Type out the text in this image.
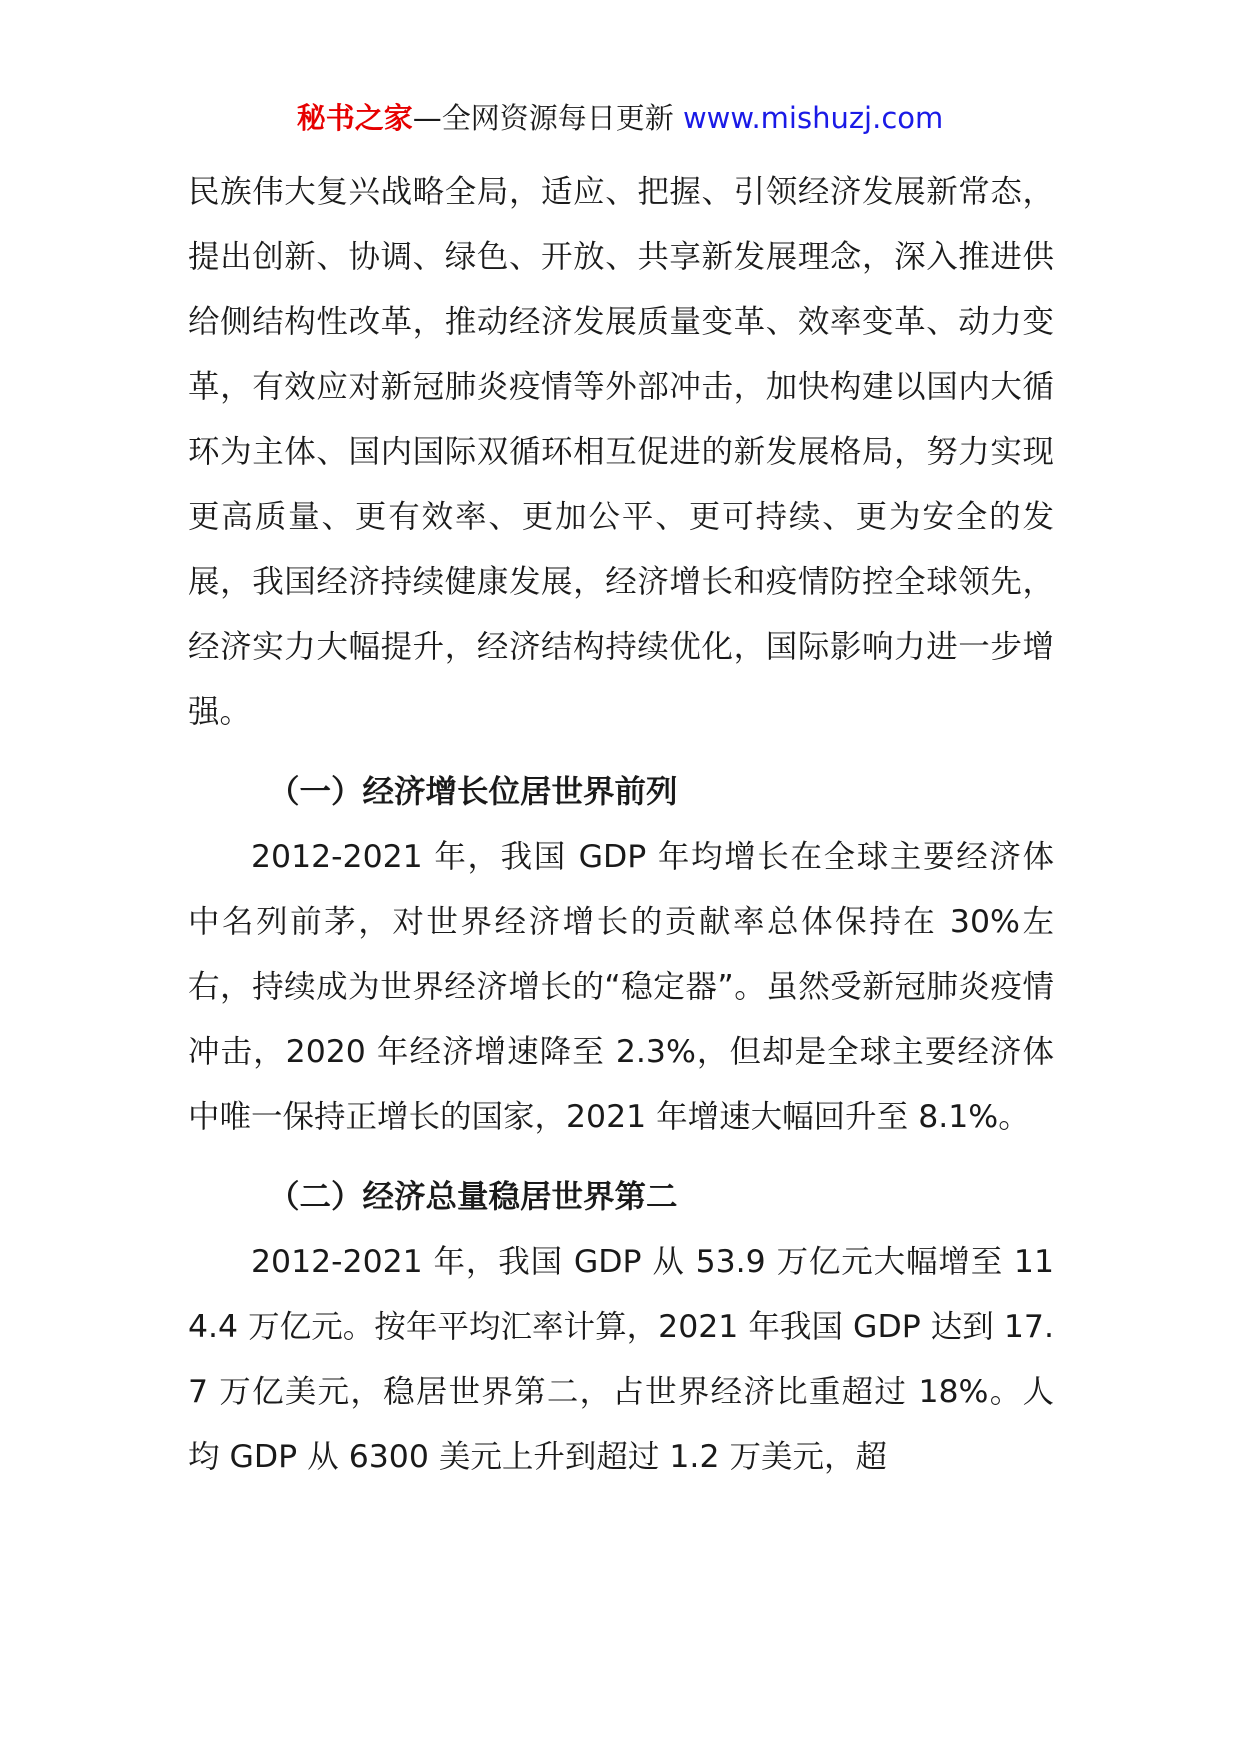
秘书之家—全网资源每日更新 www.mishuzj.com

民族伟大复兴战略全局，适应、把握、引领经济发展新常态，提出创新、协调、绿色、开放、共享新发展理念，深入推进供给侧结构性改革，推动经济发展质量变革、效率变革、动力变革，有效应对新冠肺炎疫情等外部冲击，加快构建以国内大循环为主体、国内国际双循环相互促进的新发展格局，努力实现更高质量、更有效率、更加公平、更可持续、更为安全的发展，我国经济持续健康发展，经济增长和疫情防控全球领先，经济实力大幅提升，经济结构持续优化，国际影响力进一步增强。

（一）经济增长位居世界前列

2012-2021 年，我国 GDP 年均增长在全球主要经济体中名列前茅，对世界经济增长的贡献率总体保持在 30%左右，持续成为世界经济增长的“稳定器”。虽然受新冠肺炎疫情冲击，2020 年经济增速降至 2.3%，但却是全球主要经济体中唯一保持正增长的国家，2021 年增速大幅回升至 8.1%。

（二）经济总量稳居世界第二

2012-2021 年，我国 GDP 从 53.9 万亿元大幅增至 114.4 万亿元。按年平均汇率计算，2021 年我国 GDP 达到 17.7 万亿美元，稳居世界第二，占世界经济比重超过 18%。人均 GDP 从 6300 美元上升到超过 1.2 万美元，超
